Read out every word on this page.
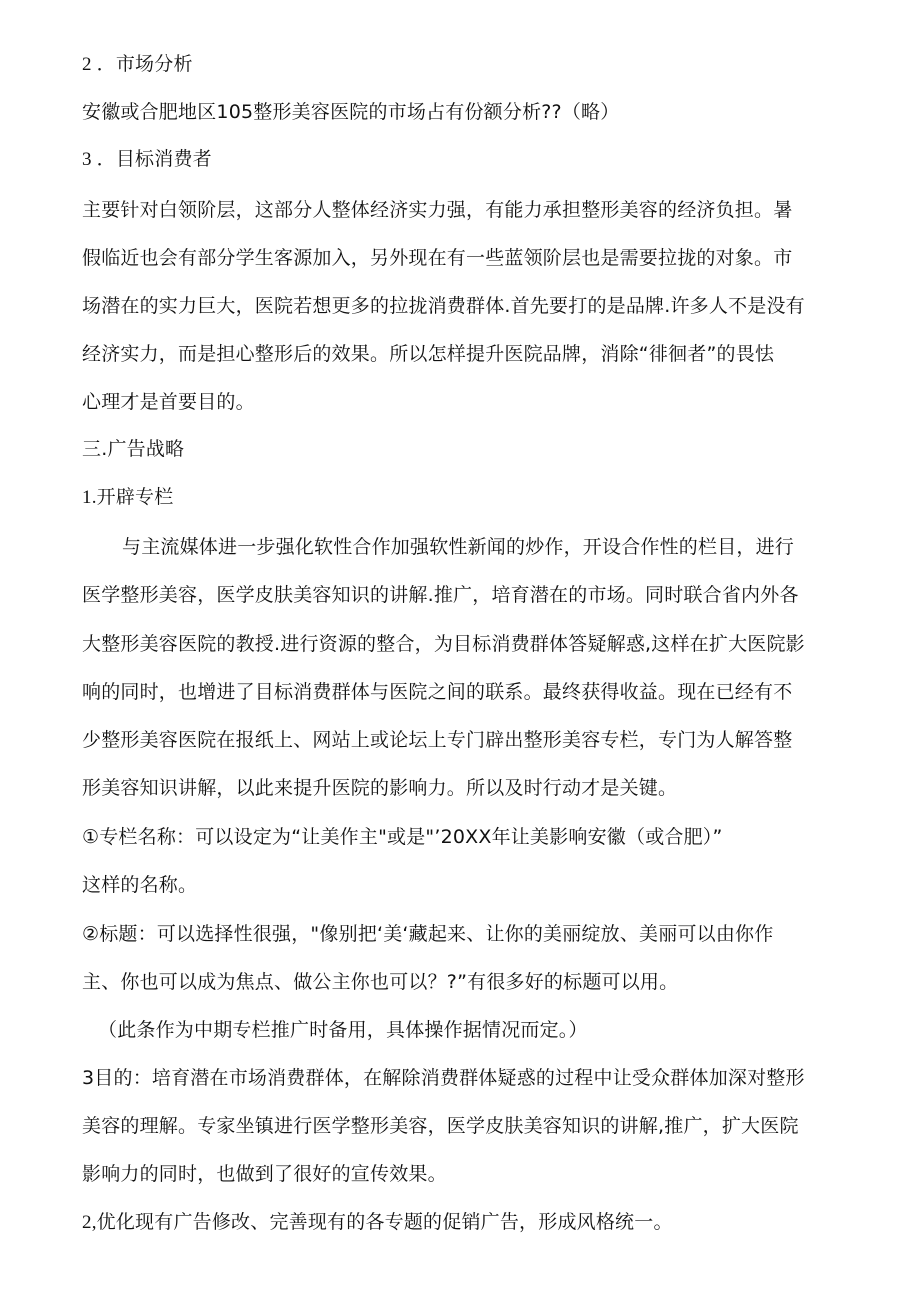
2 ．市场分析
安徽或合肥地区105整形美容医院的市场占有份额分析??（略）
3 ．目标消费者
主要针对白领阶层，这部分人整体经济实力强，有能力承担整形美容的经济负担。暑
假临近也会有部分学生客源加入，另外现在有一些蓝领阶层也是需要拉拢的对象。市
场潜在的实力巨大，医院若想更多的拉拢消费群体.首先要打的是品牌.许多人不是没有
经济实力，而是担心整形后的效果。所以怎样提升医院品牌，消除“徘徊者”的畏怯
心理才是首要目的。
三.广告战略
1.开辟专栏
与主流媒体进一步强化软性合作加强软性新闻的炒作，开设合作性的栏目，进行
医学整形美容，医学皮肤美容知识的讲解.推广，培育潜在的市场。同时联合省内外各
大整形美容医院的教授.进行资源的整合，为目标消费群体答疑解惑,这样在扩大医院影
响的同时，也增进了目标消费群体与医院之间的联系。最终获得收益。现在已经有不
少整形美容医院在报纸上、网站上或论坛上专门辟出整形美容专栏，专门为人解答整
形美容知识讲解，以此来提升医院的影响力。所以及时行动才是关键。
①专栏名称：可以设定为“让美作主"或是"’20XX年让美影响安徽（或合肥）”
这样的名称。
②标题：可以选择性很强，"像别把‘美‘藏起来、让你的美丽绽放、美丽可以由你作
主、你也可以成为焦点、做公主你也可以？?”有很多好的标题可以用。
（此条作为中期专栏推广时备用，具体操作据情况而定。）
3目的：培育潜在市场消费群体，在解除消费群体疑惑的过程中让受众群体加深对整形
美容的理解。专家坐镇进行医学整形美容，医学皮肤美容知识的讲解,推广，扩大医院
影响力的同时，也做到了很好的宣传效果。
2,优化现有广告修改、完善现有的各专题的促销广告，形成风格统一。
